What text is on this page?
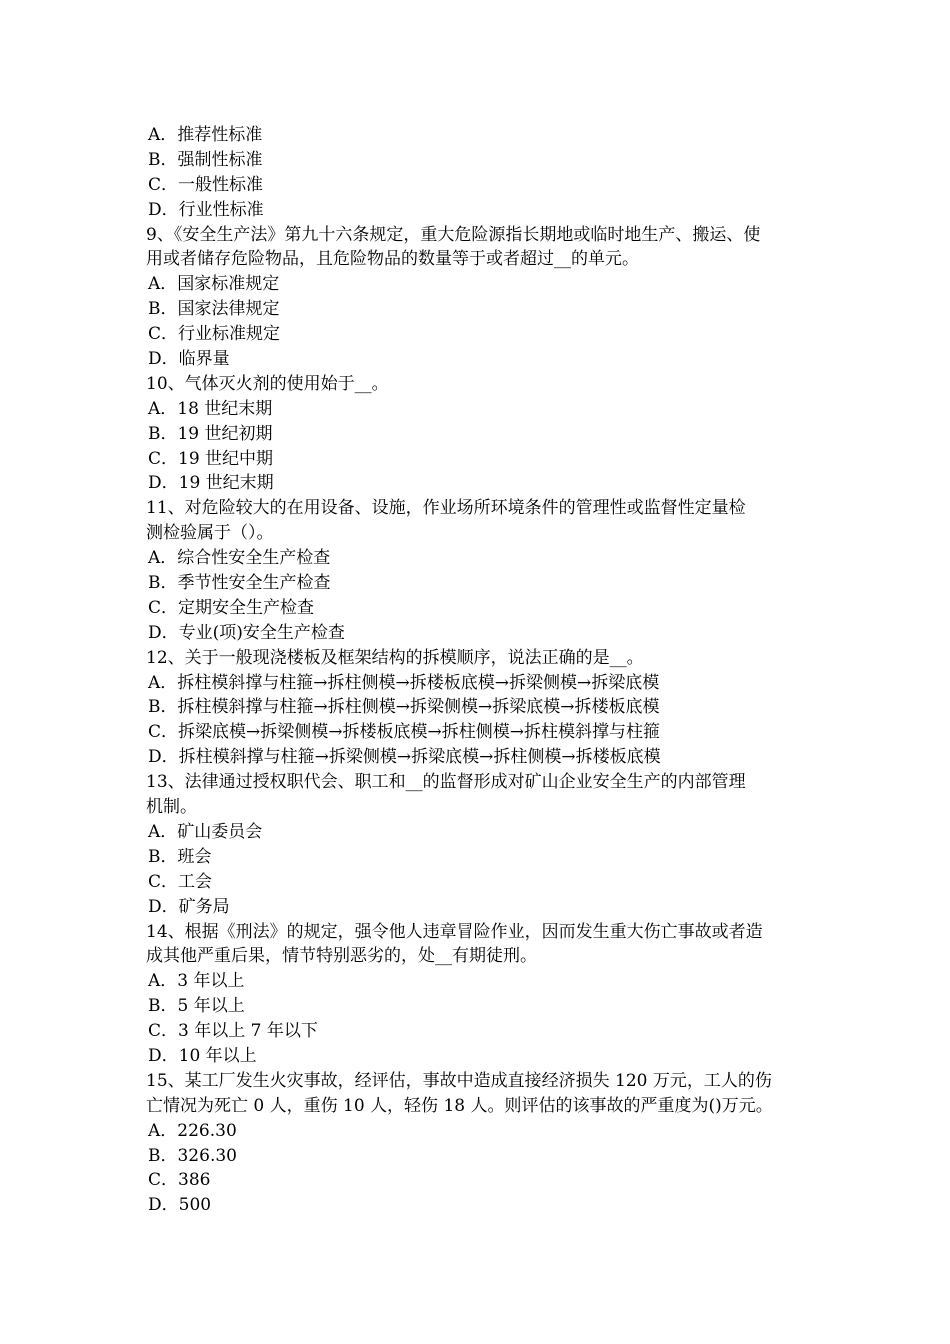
A．推荐性标准
B．强制性标准
C．一般性标准
D．行业性标准
9、《安全生产法》第九十六条规定，重大危险源指长期地或临时地生产、搬运、使
用或者储存危险物品，且危险物品的数量等于或者超过__的单元。
A．国家标准规定
B．国家法律规定
C．行业标准规定
D．临界量
10、气体灭火剂的使用始于__。
A．18 世纪末期
B．19 世纪初期
C．19 世纪中期
D．19 世纪末期
11、对危险较大的在用设备、设施，作业场所环境条件的管理性或监督性定量检
测检验属于（）。
A．综合性安全生产检查
B．季节性安全生产检查
C．定期安全生产检查
D．专业(项)安全生产检查
12、关于一般现浇楼板及框架结构的拆模顺序，说法正确的是__。
A．拆柱模斜撑与柱箍→拆柱侧模→拆楼板底模→拆梁侧模→拆梁底模
B．拆柱模斜撑与柱箍→拆柱侧模→拆梁侧模→拆梁底模→拆楼板底模
C．拆梁底模→拆梁侧模→拆楼板底模→拆柱侧模→拆柱模斜撑与柱箍
D．拆柱模斜撑与柱箍→拆梁侧模→拆梁底模→拆柱侧模→拆楼板底模
13、法律通过授权职代会、职工和__的监督形成对矿山企业安全生产的内部管理
机制。
A．矿山委员会
B．班会
C．工会
D．矿务局
14、根据《刑法》的规定，强令他人违章冒险作业，因而发生重大伤亡事故或者造
成其他严重后果，情节特别恶劣的，处__有期徒刑。
A．3 年以上
B．5 年以上
C．3 年以上 7 年以下
D．10 年以上
15、某工厂发生火灾事故，经评估，事故中造成直接经济损失 120 万元，工人的伤
亡情况为死亡 0 人，重伤 10 人，轻伤 18 人。则评估的该事故的严重度为()万元。
A．226.30
B．326.30
C．386
D．500
